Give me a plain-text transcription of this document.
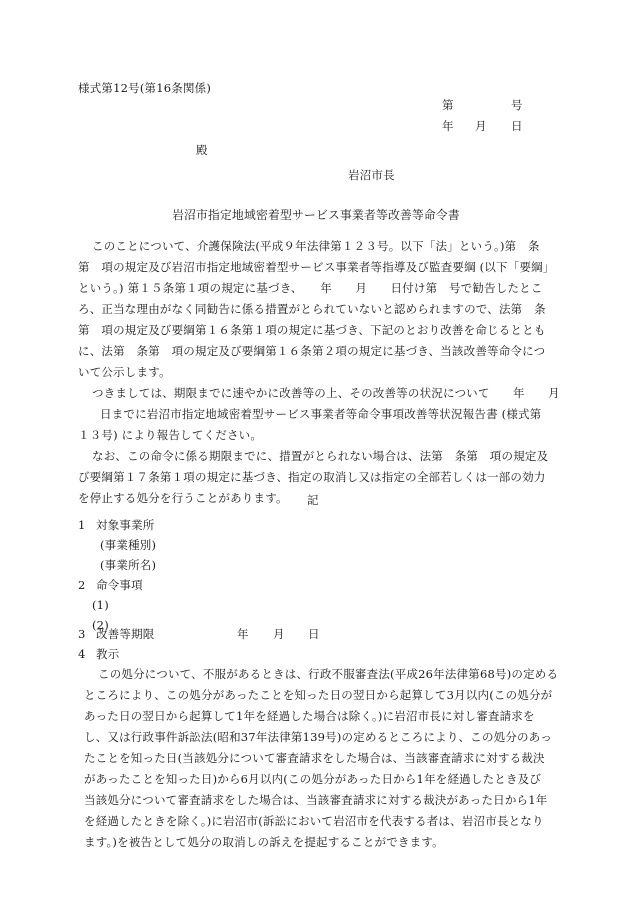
様式第12号(第16条関係)
第	号
年 月 日
殿
岩沼市長
岩沼市指定地域密着型サービス事業者等改善等命令書

このことについて、介護保険法(平成９年法律第１２３号。以下「法」という。)第　条

第　項の規定及び岩沼市指定地域密着型サービス事業者等指導及び監査要綱 (以下「要綱」

という。) 第１５条第１項の規定に基づき、　　年　　月　　日付け第　号で勧告したとこ

ろ、正当な理由がなく同勧告に係る措置がとられていないと認められますので、法第　条

第　項の規定及び要綱第１６条第１項の規定に基づき、下記のとおり改善を命じるととも

に、法第　条第　項の規定及び要綱第１６条第２項の規定に基づき、当該改善等命令につ

いて公示します。

つきましては、期限までに速やかに改善等の上、その改善等の状況について　　年　　月

日までに岩沼市指定地域密着型サービス事業者等命令事項改善等状況報告書 (様式第

１３号) により報告してください。

なお、この命令に係る期限までに、措置がとられない場合は、法第　条第　項の規定及

び要綱第１７条第１項の規定に基づき、指定の取消し又は指定の全部若しくは一部の効力

を停止する処分を行うことがあります。	記
1 対象事業所
(事業種別)
(事業所名)
2 命令事項
(1)
(2)
3 改善等期限	年 月 日
4 教示

この処分について、不服があるときは、行政不服審査法(平成26年法律第68号)の定める

ところにより、この処分があったことを知った日の翌日から起算して3月以内(この処分が

あった日の翌日から起算して1年を経過した場合は除く。)に岩沼市長に対し審査請求を

し、又は行政事件訴訟法(昭和37年法律第139号)の定めるところにより、この処分のあっ

たことを知った日(当該処分について審査請求をした場合は、当該審査請求に対する裁決

があったことを知った日)から6月以内(この処分があった日から1年を経過したとき及び

当該処分について審査請求をした場合は、当該審査請求に対する裁決があった日から1年

を経過したときを除く。)に岩沼市(訴訟において岩沼市を代表する者は、岩沼市長となり

ます。)を被告として処分の取消しの訴えを提起することができます。
